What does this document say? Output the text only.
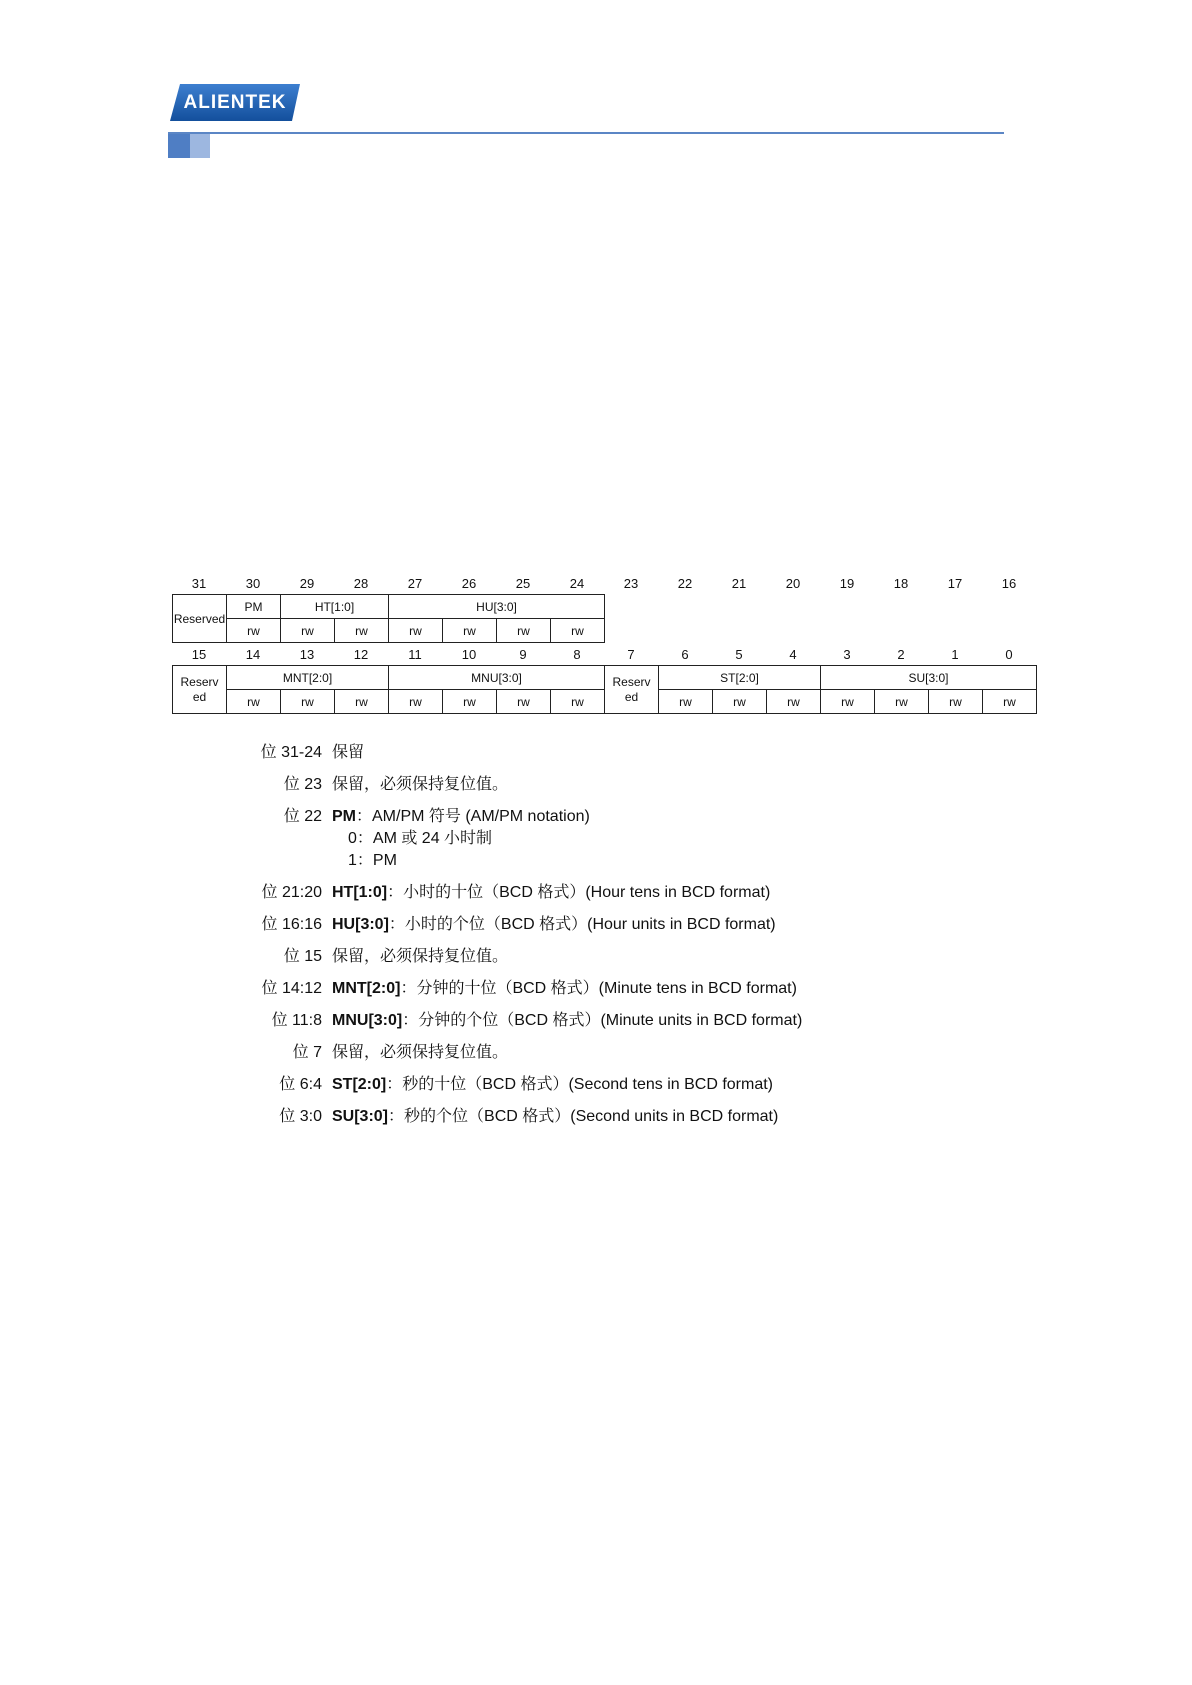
ALIENTEK
31	30	29	28	27	26	25	24	23	22	21	20	19	18	17	16
Reserved	PM	HT[1:0]		HU[3:0]			
	rw	rw	rw	rw	rw	rw	rw
15	14	13	12	11	10	9	8	7	6	5	4	3	2	1	0
Reserv ed	MNT[2:0]			MNU[3:0]				Reserv ed	ST[2:0]			SU[3:0]			
	rw	rw	rw	rw	rw	rw	rw		rw	rw	rw	rw	rw	rw	rw
位 31-24 保留
位 23 保留，必须保持复位值。
位 22 PM：AM/PM 符号 (AM/PM notation)
0：AM 或 24 小时制
1：PM
位 21:20 HT[1:0]：小时的十位（BCD 格式）(Hour tens in BCD format)
位 16:16 HU[3:0]：小时的个位（BCD 格式）(Hour units in BCD format)
位 15 保留，必须保持复位值。
位 14:12 MNT[2:0]：分钟的十位（BCD 格式）(Minute tens in BCD format)
位 11:8 MNU[3:0]：分钟的个位（BCD 格式）(Minute units in BCD format)
位 7 保留，必须保持复位值。
位 6:4 ST[2:0]：秒的十位（BCD 格式）(Second tens in BCD format)
位 3:0 SU[3:0]：秒的个位（BCD 格式）(Second units in BCD format)
